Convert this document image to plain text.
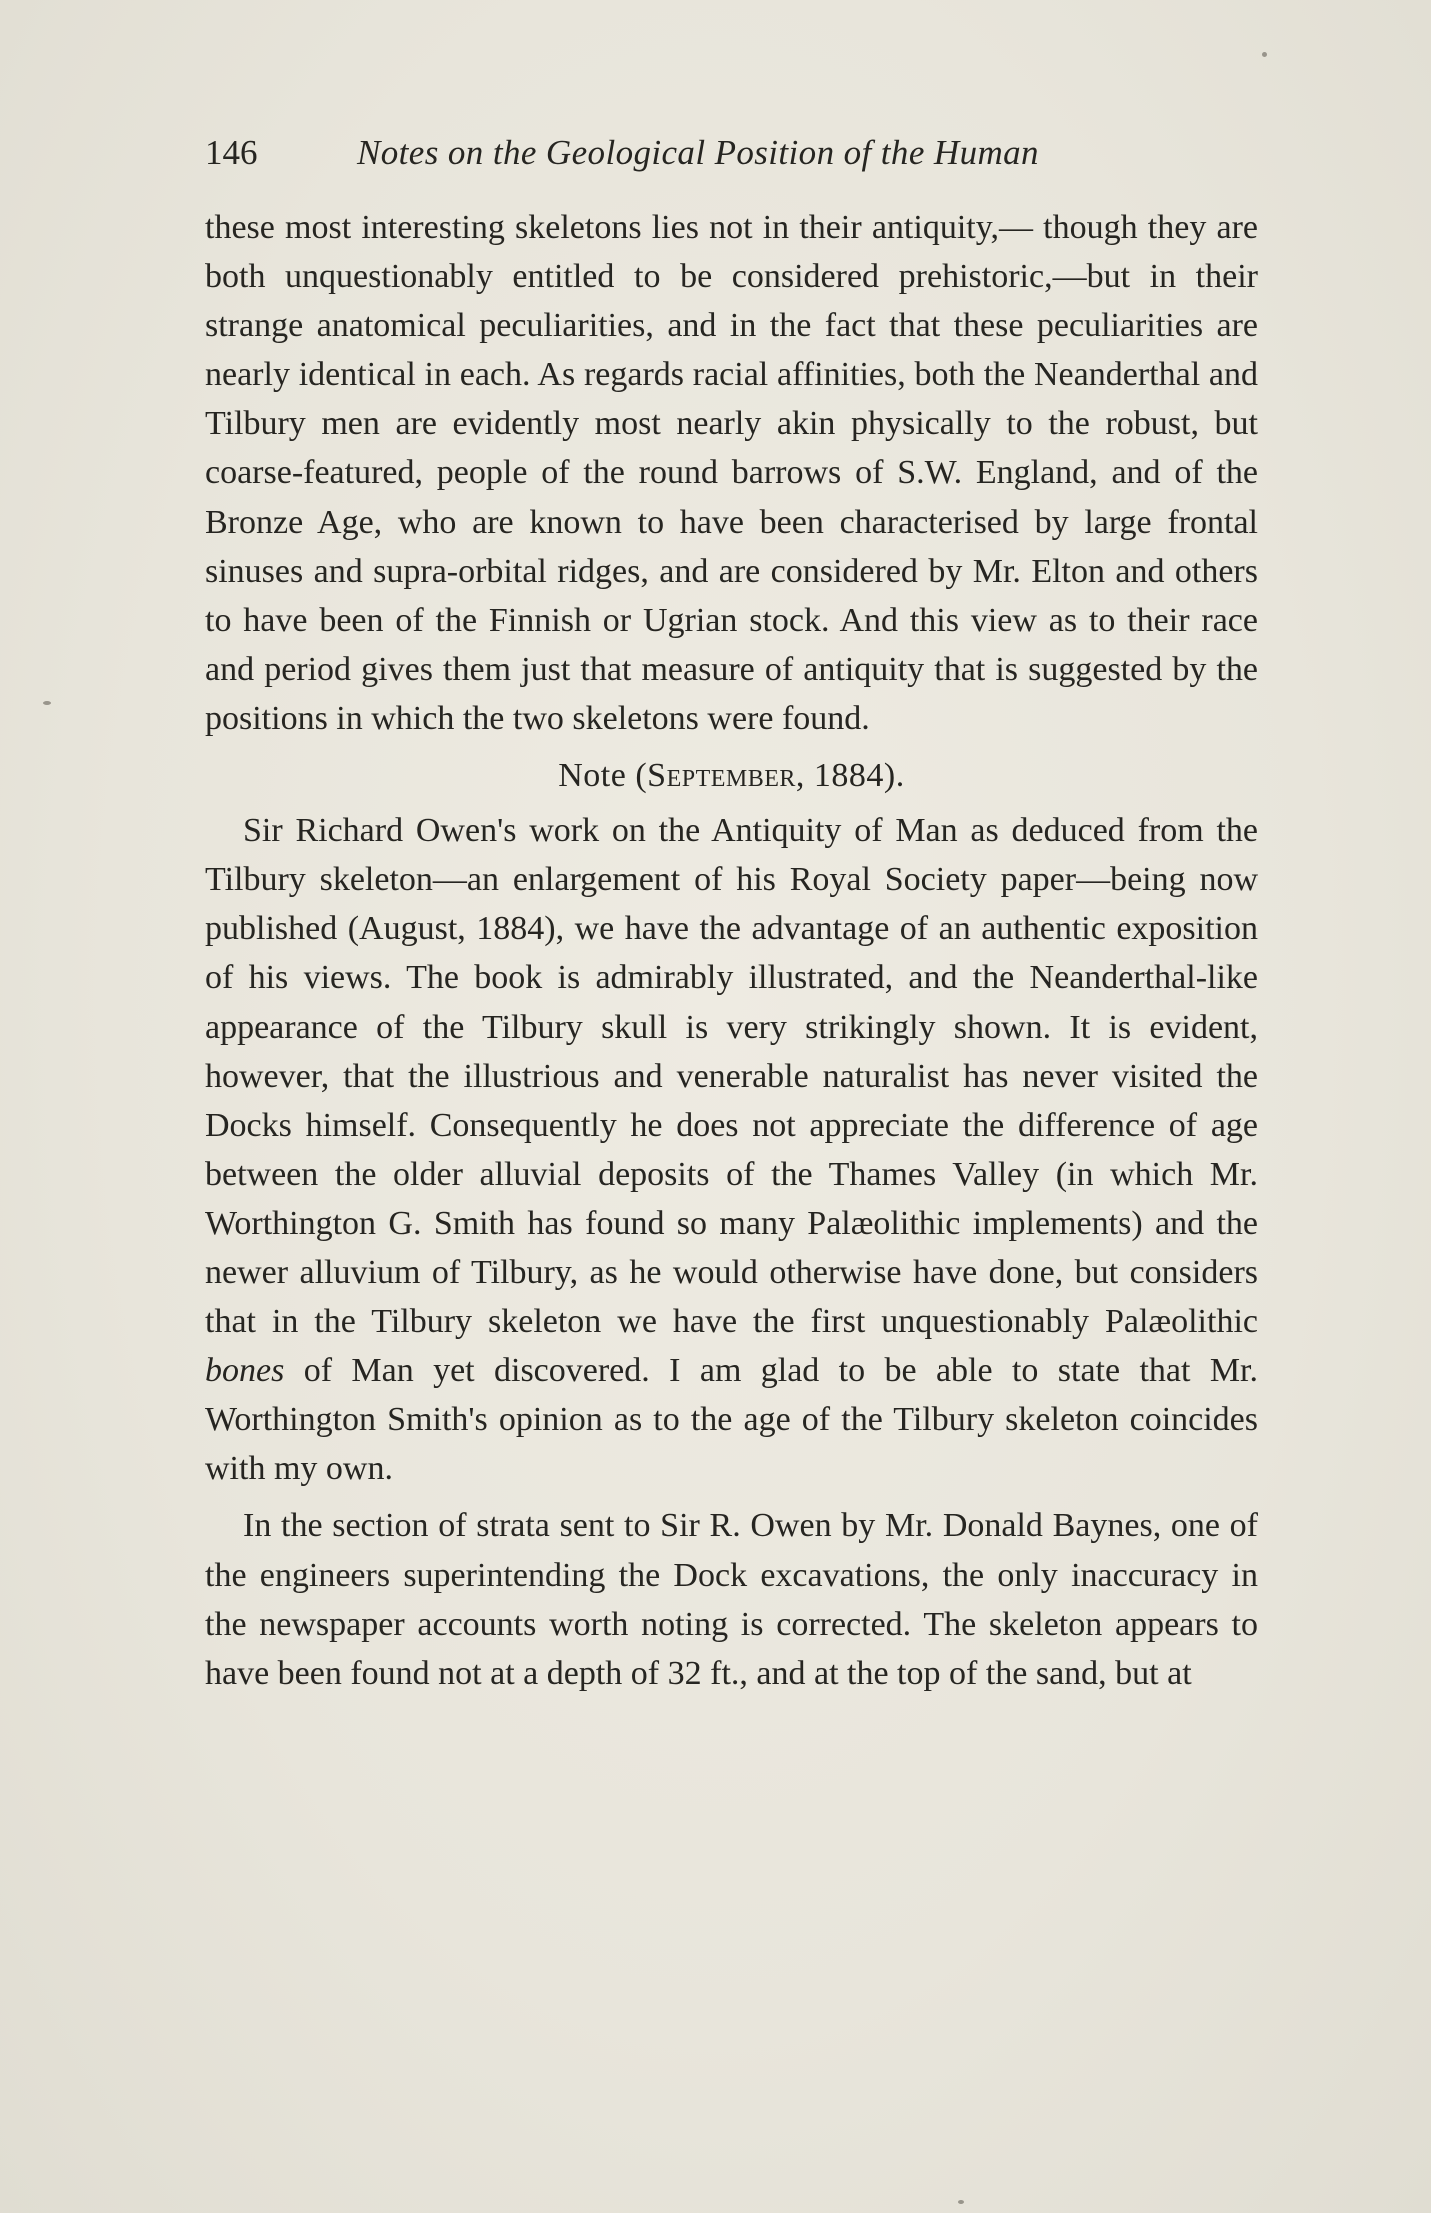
146	Notes on the Geological Position of the Human

these most interesting skeletons lies not in their antiquity,— though they are both unquestionably entitled to be considered prehistoric,—but in their strange anatomical peculiarities, and in the fact that these peculiarities are nearly identical in each. As regards racial affinities, both the Neanderthal and Tilbury men are evidently most nearly akin physically to the robust, but coarse-featured, people of the round barrows of S.W. England, and of the Bronze Age, who are known to have been characterised by large frontal sinuses and supra-orbital ridges, and are considered by Mr. Elton and others to have been of the Finnish or Ugrian stock. And this view as to their race and period gives them just that measure of antiquity that is suggested by the positions in which the two skeletons were found.

Note (September, 1884).

Sir Richard Owen's work on the Antiquity of Man as deduced from the Tilbury skeleton—an enlargement of his Royal Society paper—being now published (August, 1884), we have the advantage of an authentic exposition of his views. The book is admirably illustrated, and the Neanderthal-like appearance of the Tilbury skull is very strikingly shown. It is evident, however, that the illustrious and venerable naturalist has never visited the Docks himself. Consequently he does not appreciate the difference of age between the older alluvial deposits of the Thames Valley (in which Mr. Worthington G. Smith has found so many Palæolithic implements) and the newer alluvium of Tilbury, as he would otherwise have done, but considers that in the Tilbury skeleton we have the first unquestionably Palæolithic bones of Man yet discovered. I am glad to be able to state that Mr. Worthington Smith's opinion as to the age of the Tilbury skeleton coincides with my own.

In the section of strata sent to Sir R. Owen by Mr. Donald Baynes, one of the engineers superintending the Dock excavations, the only inaccuracy in the newspaper accounts worth noting is corrected. The skeleton appears to have been found not at a depth of 32 ft., and at the top of the sand, but at
